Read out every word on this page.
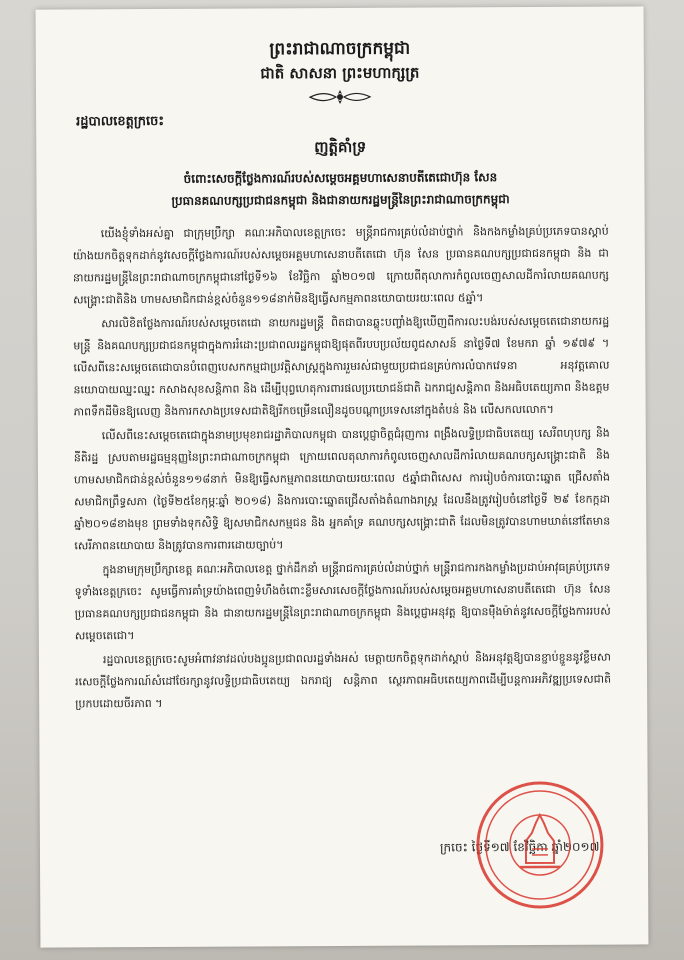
ព្រះរាជាណាចក្រកម្ពុជា
ជាតិ សាសនា ព្រះមហាក្សត្រ
រដ្ឋបាលខេត្តក្រចេះ
ញត្តិគាំទ្រ
ចំពោះសេចក្តីថ្លែងការណ៍របស់សម្តេចអគ្គមហាសេនាបតីតេជោហ៊ុន សែន
ប្រធានគណបក្សប្រជាជនកម្ពុជា និងជានាយករដ្ឋមន្ត្រីនៃព្រះរាជាណាចក្រកម្ពុជា

យើងខ្ញុំទាំងអស់គ្នា ជាក្រុមប្រឹក្សា គណៈអភិបាលខេត្តក្រចេះ មន្ត្រីរាជការគ្រប់លំដាប់ថ្នាក់ និងកងកម្លាំងគ្រប់ប្រភេទបានស្តាប់យ៉ាងយកចិត្តទុកដាក់នូវសេចក្តីថ្លែងការណ៍របស់សម្តេចអគ្គមហាសេនាបតីតេជោ ហ៊ុន សែន ប្រធានគណបក្សប្រជាជនកម្ពុជា និង ជានាយករដ្ឋមន្ត្រីនៃព្រះរាជាណាចក្រកម្ពុជានៅថ្ងៃទី១៦ ខែវិច្ឆិកា ឆ្នាំ២០១៧ ក្រោយពីតុលាការកំពូលចេញសាលដីការំលាយគណបក្សសង្គ្រោះជាតិនិង ហាមសមាជិកជាន់ខ្ពស់ចំនួន១១៨នាក់មិនឱ្យធ្វើសកម្មភាពនយោបាយរយៈពេល ៥ឆ្នាំ។

សារលិខិតថ្លែងការណ៍របស់សម្តេចតេជោ នាយករដ្ឋមន្ត្រី ពិតជាបានឆ្លុះបញ្ចាំងឱ្យឃើញពីការលះបង់របស់សម្តេចតេជោនាយករដ្ឋមន្ត្រី និងគណបក្សប្រជាជនកម្ពុជាក្នុងការរំដោះប្រជាពលរដ្ឋកម្ពុជាឱ្យផុតពីរបបប្រល័យពូជសាសន៍ នាថ្ងៃទី៧ ខែមករា ឆ្នាំ ១៩៧៩ ។លើសពីនេះសម្តេចតេជោបានបំពេញបេសកកម្មជាប្រវត្តិសាស្ត្រក្នុងការរួមរស់ជាមួយប្រជាជនគ្រប់ការលំបាកវេទនា អនុវត្តគោលនយោបាយឈ្នះឈ្នះ កសាងសុខសន្តិភាព និង ដើម្បីបុព្វហេតុការពារផលប្រយោជន៍ជាតិ ឯករាជ្យសន្តិភាព និងអធិបតេយ្យភាព និងឧត្តមភាពទឹកដីមិនឱ្យលេញ និងការកសាងប្រទេសជាតិឱ្យរីកចម្រើនលឿនដូចបណ្តាប្រទេសនៅក្នុងតំបន់ និង លើសកលលោក។

លើសពីនេះសម្តេចតេជោក្នុងនាមប្រមុខរាជរដ្ឋាភិបាលកម្ពុជា បានប្តេជ្ញាចិត្តជំរុញការ ពង្រឹងលទ្ធិប្រជាធិបតេយ្យ សេរីពហុបក្ស និង នីតិរដ្ឋ ស្របតាមរដ្ឋធម្មនុញ្ញនៃព្រះរាជាណាចក្រកម្ពុជា ក្រោយពេលតុលាការកំពូលចេញសាលដីការំលាយគណបក្សសង្គ្រោះជាតិ និង ហាមសមាជិកជាន់ខ្ពស់ចំនួន១១៨នាក់ មិនឱ្យធ្វើសកម្មភាពនយោបាយរយៈពេល ៥ឆ្នាំជាពិសេស ការរៀបចំការបោះឆ្នោត ជ្រើសតាំងសមាជិកព្រឹទ្ធសភា (ថ្ងៃទី២៥ខែកុម្ភៈឆ្នាំ ២០១៨) និងការបោះឆ្នោតជ្រើសតាំងតំណាងរាស្ត្រ ដែលនឹងត្រូវរៀបចំនៅថ្ងៃទី ២៩ ខែកក្កដា ឆ្នាំ២០១៨ខាងមុខ ព្រមទាំងទុកសិទ្ធិ ឱ្យសមាជិកសកម្មជន និង អ្នកគាំទ្រ គណបក្សសង្គ្រោះជាតិ ដែលមិនត្រូវបានហាមឃាត់នៅតែមានសេរីភាពនយោបាយ និងត្រូវបានការពារដោយច្បាប់។

ក្នុងនាមក្រុមប្រឹក្សាខេត្ត គណៈអភិបាលខេត្ត ថ្នាក់ដឹកនាំ មន្ត្រីរាជការគ្រប់លំដាប់ថ្នាក់ មន្ត្រីរាជការកងកម្លាំងប្រដាប់អាវុធគ្រប់ប្រភេទទូទាំងខេត្តក្រចេះ សូមធ្វើការគាំទ្រយ៉ាងពេញទំហឹងចំពោះខ្លឹមសារសេចក្តីថ្លែងការណ៍របស់សម្តេចអគ្គមហាសេនាបតីតេជោ ហ៊ុន សែន ប្រធានគណបក្សប្រជាជនកម្ពុជា និង ជានាយករដ្ឋមន្ត្រីនៃព្រះរាជាណាចក្រកម្ពុជា និងប្តេជ្ញាអនុវត្ត ឱ្យបានម៉ឺងម៉ាត់នូវសេចក្តីថ្លែងការរបស់សម្តេចតេជោ។

រដ្ឋបាលខេត្តក្រចេះសូមអំពាវនាវដល់បងប្អូនប្រជាពលរដ្ឋទាំងអស់ មេត្តាយកចិត្តទុកដាក់ស្តាប់ និងអនុវត្តឱ្យបានខ្ជាប់ខ្ជួននូវខ្លឹមសារសេចក្តីថ្លែងការណ៍សំដៅថែរក្សានូវលទ្ធិប្រជាធិបតេយ្យ ឯករាជ្យ សន្តិភាព ស្ថេរភាពអធិបតេយ្យភាពដើម្បីបន្តការអភិវឌ្ឍប្រទេសជាតិប្រកបដោយចីរភាព ។

ក្រចេះ ថ្ងៃទី១៧ ខែវិច្ឆិកា ឆ្នាំ២០១៧
